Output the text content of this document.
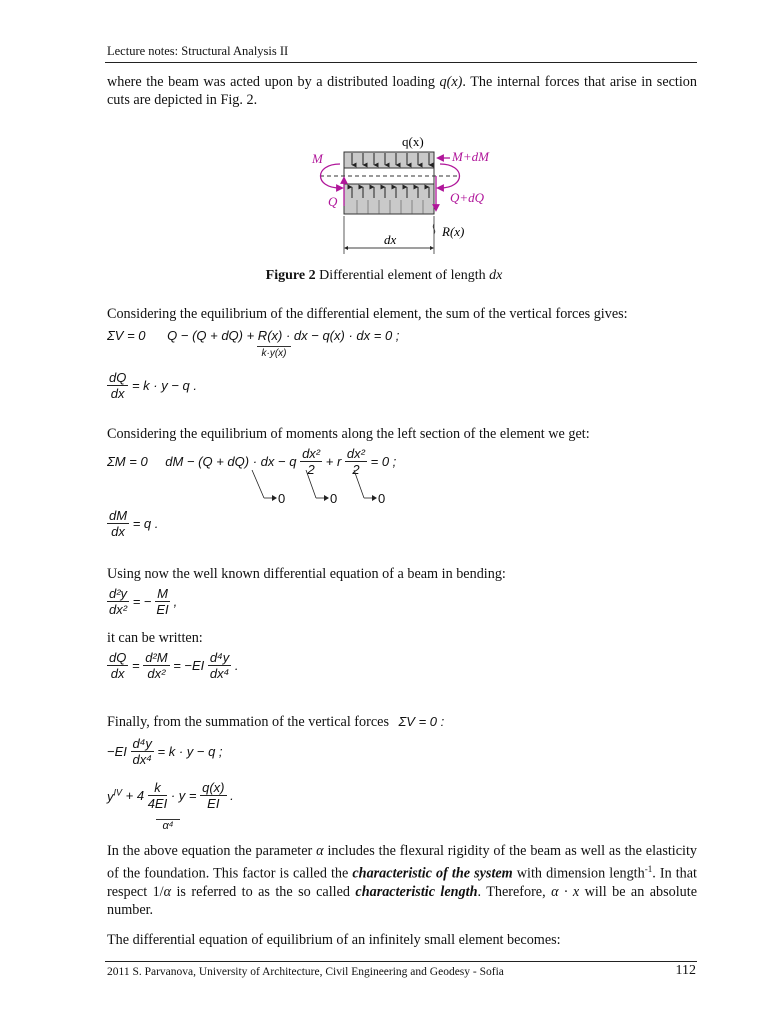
Lecture notes: Structural Analysis II
where the beam was acted upon by a distributed loading q(x). The internal forces that arise in section cuts are depicted in Fig. 2.
q(x)
M	M+dM
Q	Q+dQ
R(x)
dx
Figure 2 Differential element of length dx
Considering the equilibrium of the differential element, the sum of the vertical forces gives:
ΣV = 0 Q − (Q + dQ) + R(x) · dx − q(x) · dx = 0 ;
k·y(x)
$\frac{dQ}{dx} = k \cdot y - q$ .
Considering the equilibrium of moments along the left section of the element we get:
ΣM = 0 dM − (Q + dQ) · dx − q $\frac{\text{dx²}}{2} + r \frac{\text{dx²}}{2} = 0$ ;
0	0	0
$\frac{dM}{dx} = q$ .
Using now the well known differential equation of a beam in bending:
$\frac{\text{d²y}}{\text{dx²}}$ = − $\frac{M}{EI}$ ,
it can be written:
$\frac{dQ}{dx} = \frac{\text{d²M}}{\text{dx²}} = -EI \frac{\text{d⁴y}}{\text{dx⁴}}$ .
Finally, from the summation of the vertical forces ΣV = 0 :
$-EI \frac{\text{d⁴y}}{\text{dx⁴}} = k \cdot y - q$ ;
$y^{IV} + 4 \frac{k}{4EI} \cdot y = \frac{q(x)}{EI}$ .
α⁴
In the above equation the parameter α includes the flexural rigidity of the beam as well as the elasticity of the foundation. This factor is called the characteristic of the system with dimension length$^{-1}$. In that respect 1/α is referred to as the so called characteristic length. Therefore, α · x will be an absolute number.
The differential equation of equilibrium of an infinitely small element becomes:
2011 S. Parvanova, University of Architecture, Civil Engineering and Geodesy - Sofia	112
